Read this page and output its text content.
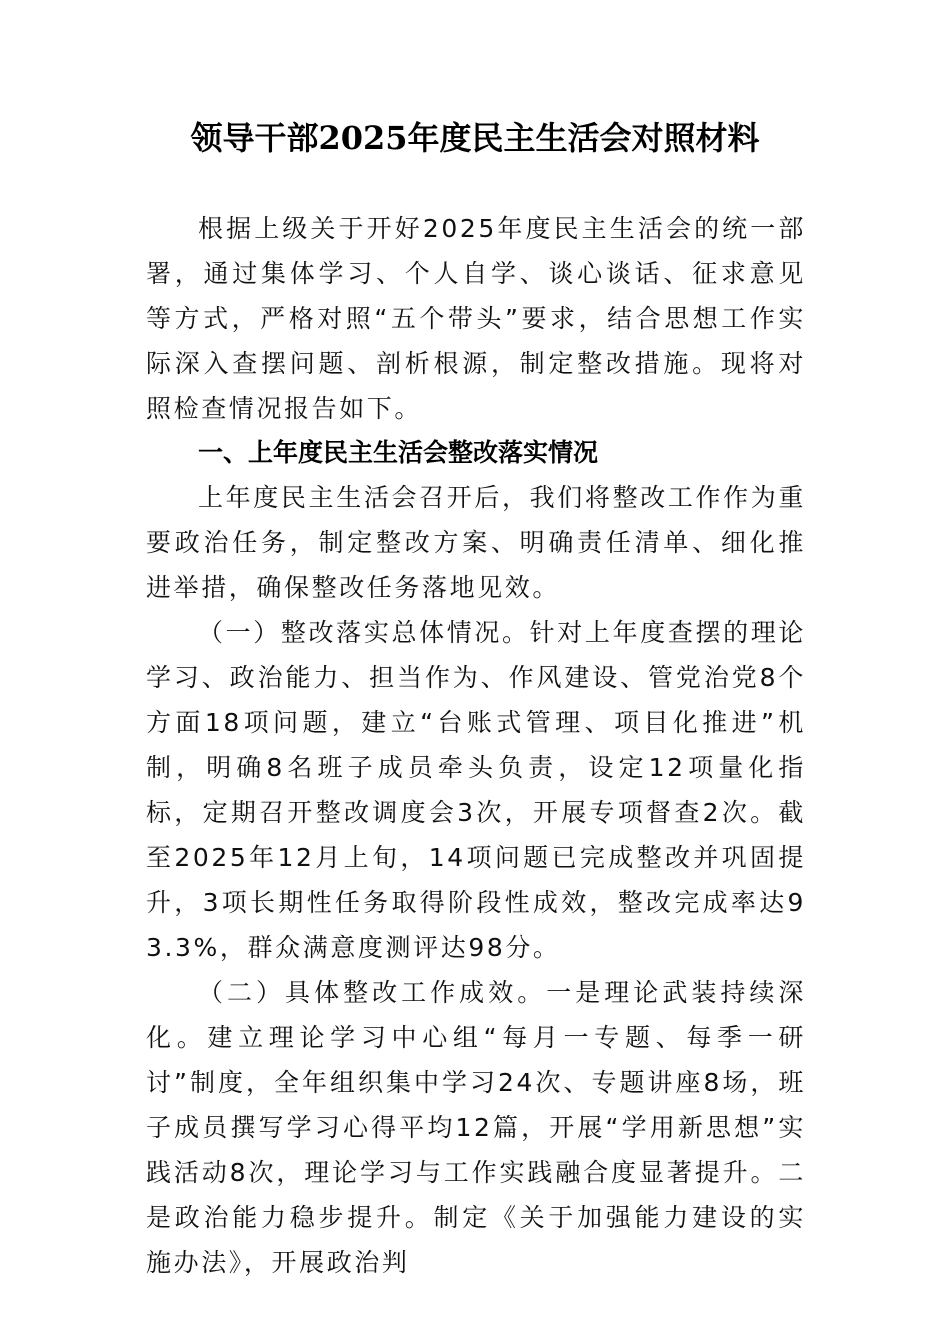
领导干部2025年度民主生活会对照材料

根据上级关于开好2025年度民主生活会的统一部署，通过集体学习、个人自学、谈心谈话、征求意见等方式，严格对照“五个带头”要求，结合思想工作实际深入查摆问题、剖析根源，制定整改措施。现将对照检查情况报告如下。

一、上年度民主生活会整改落实情况

上年度民主生活会召开后，我们将整改工作作为重要政治任务，制定整改方案、明确责任清单、细化推进举措，确保整改任务落地见效。

（一）整改落实总体情况。针对上年度查摆的理论学习、政治能力、担当作为、作风建设、管党治党8个方面18项问题，建立“台账式管理、项目化推进”机制，明确8名班子成员牵头负责，设定12项量化指标，定期召开整改调度会3次，开展专项督查2次。截至2025年12月上旬，14项问题已完成整改并巩固提升，3项长期性任务取得阶段性成效，整改完成率达93.3%，群众满意度测评达98分。

（二）具体整改工作成效。一是理论武装持续深化。建立理论学习中心组“每月一专题、每季一研讨”制度，全年组织集中学习24次、专题讲座8场，班子成员撰写学习心得平均12篇，开展“学用新思想”实践活动8次，理论学习与工作实践融合度显著提升。二是政治能力稳步提升。制定《关于加强能力建设的实施办法》，开展政治判
